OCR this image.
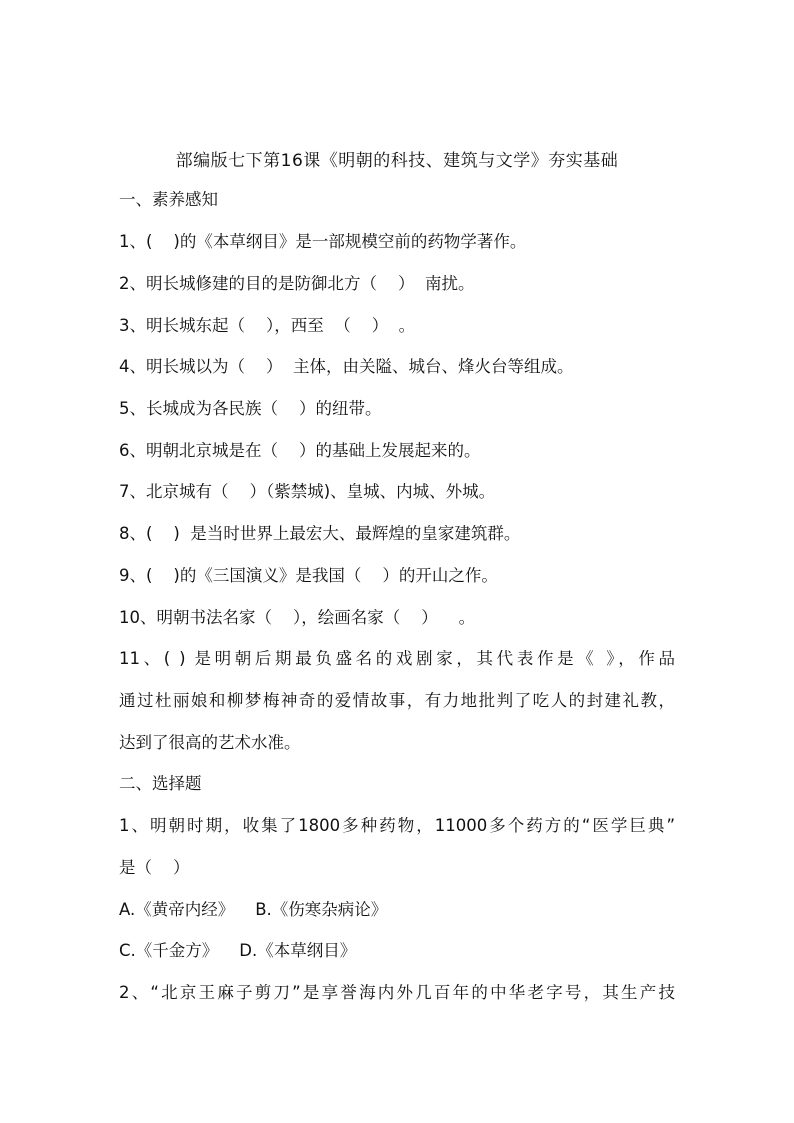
部编版七下第16课《明朝的科技、建筑与文学》夯实基础
一、素养感知
1、(    )的《本草纲目》是一部规模空前的药物学著作。
2、明长城修建的目的是防御北方（    ）  南扰。
3、明长城东起（    ），西至  （    ）  。
4、明长城以为（    ）  主体，由关隘、城台、烽火台等组成。
5、长城成为各民族（    ）的纽带。
6、明朝北京城是在（    ）的基础上发展起来的。
7、北京城有（    ）（紫禁城)、皇城、内城、外城。
8、(    )  是当时世界上最宏大、最辉煌的皇家建筑群。
9、(    )的《三国演义》是我国（    ）的开山之作。
10、明朝书法名家（    ），绘画名家（    ）    。
11、( ) 是明朝后期最负盛名的戏剧家，其代表作是《 》，作品
通过杜丽娘和柳梦梅神奇的爱情故事，有力地批判了吃人的封建礼教，
达到了很高的艺术水准。
二、选择题
1、明朝时期，收集了1800多种药物，11000多个药方的“医学巨典”
是（    ）
A.《黄帝内经》    B.《伤寒杂病论》
C.《千金方》    D.《本草纲目》
2、“北京王麻子剪刀”是享誉海内外几百年的中华老字号，其生产技
